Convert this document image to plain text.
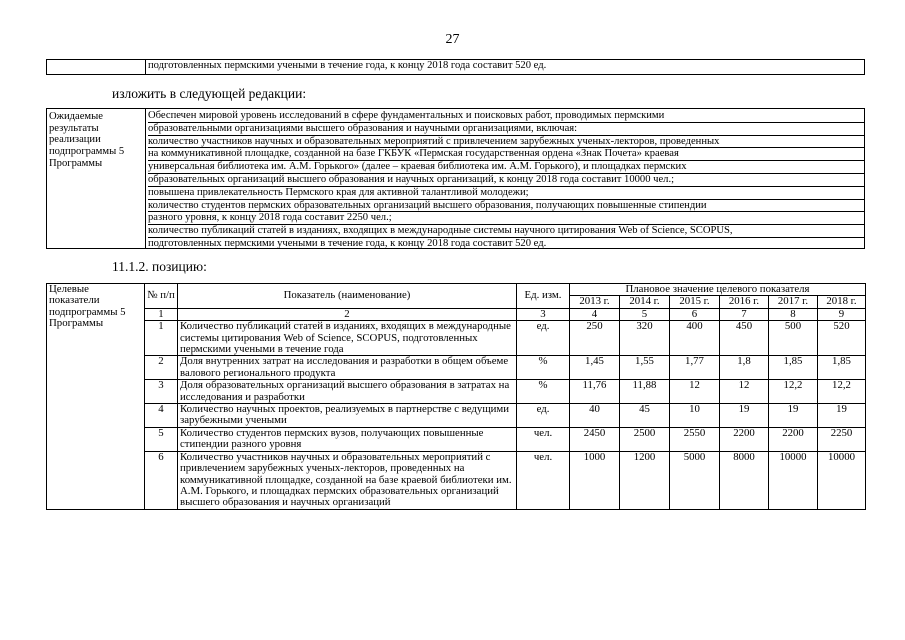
27
подготовленных пермскими учеными в течение года, к концу 2018 года составит 520 ед.
изложить в следующей редакции:
Ожидаемые
результаты
реализации
подпрограммы 5
Программы
Обеспечен мировой уровень исследований в сфере фундаментальных и поисковых работ, проводимых пермскими
образовательными организациями высшего образования и научными организациями, включая:
количество участников научных и образовательных мероприятий с привлечением зарубежных ученых-лекторов, проведенных
на коммуникативной площадке, созданной на базе ГКБУК «Пермская государственная ордена «Знак Почета» краевая
универсальная библиотека им. А.М. Горького» (далее – краевая библиотека им. А.М. Горького), и площадках пермских
образовательных организаций высшего образования и научных организаций, к концу 2018 года составит 10000 чел.;
повышена привлекательность Пермского края для активной талантливой молодежи;
количество студентов пермских образовательных организаций высшего образования, получающих повышенные стипендии
разного уровня, к концу 2018 года составит 2250 чел.;
количество публикаций статей в изданиях, входящих в международные системы научного цитирования Web of Science, SCOPUS,
подготовленных пермскими учеными в течение года, к концу 2018 года составит 520 ед.
11.1.2. позицию:
Целевые
показатели
подпрограммы 5
Программы	№ п/п	Показатель (наименование)	Ед. изм.	Плановое значение целевого показателя					
				2013 г.	2014 г.	2015 г.	2016 г.	2017 г.	2018 г.
	1	2	3	4	5	6	7	8	9
	1	Количество публикаций статей в изданиях, входящих в международные системы цитирования Web of Science, SCOPUS, подготовленных пермскими учеными в течение года	ед.	250	320	400	450	500	520
	2	Доля внутренних затрат на исследования и разработки в общем объеме валового регионального продукта	%	1,45	1,55	1,77	1,8	1,85	1,85
	3	Доля образовательных организаций высшего образования в затратах на исследования и разработки	%	11,76	11,88	12	12	12,2	12,2
	4	Количество научных проектов, реализуемых в партнерстве с ведущими зарубежными учеными	ед.	40	45	10	19	19	19
	5	Количество студентов пермских вузов, получающих повышенные стипендии разного уровня	чел.	2450	2500	2550	2200	2200	2250
	6	Количество участников научных и образовательных мероприятий с привлечением зарубежных ученых-лекторов, проведенных на коммуникативной площадке, созданной на базе краевой библиотеки им. А.М. Горького, и площадках пермских образовательных организаций высшего образования и научных организаций	чел.	1000	1200	5000	8000	10000	10000
